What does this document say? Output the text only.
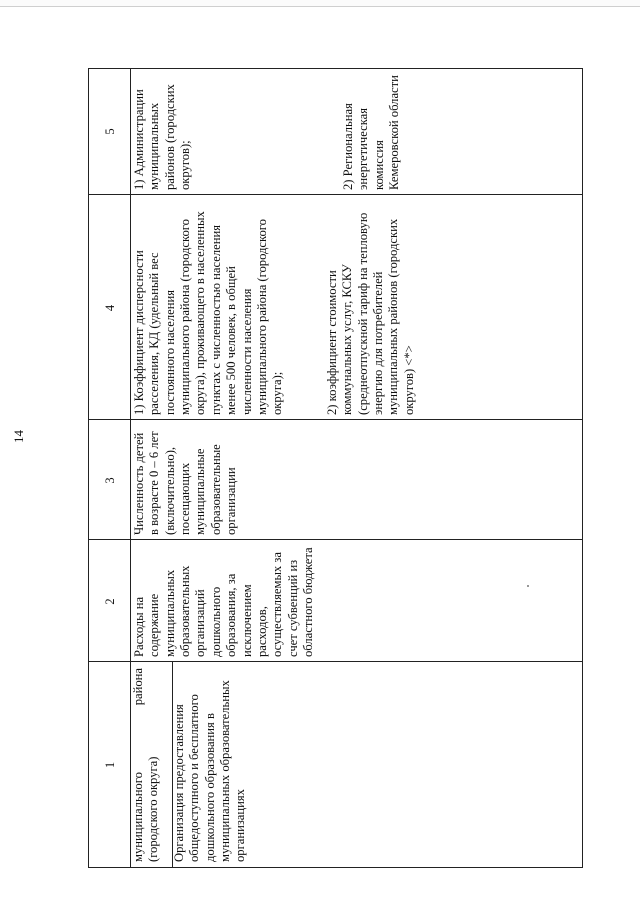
14
1
2
3
4
5
муниципального
района

(городского округа) Организация предоставления общедоступного и бесплатного дошкольного образования в муниципальных образовательных организациях
Расходы на содержание муниципальных образовательных организаций дошкольного образования, за исключением расходов, осуществляемых за счет субвенций из областного бюджета
Численность детей в возрасте 0 – 6 лет (включительно), посещающих муниципальные образовательные организации

1) Коэффициент дисперсности расселения, КД (удельный вес постоянного населения муниципального района (городского округа), проживающего в населенных пунктах с численностью населения менее 500 человек, в общей численности населения муниципального района (городского округа);	2) коэффициент стоимости коммунальных услуг, КСКУ (среднеотпускной тариф на тепловую энергию для потребителей муниципальных районов (городских округов) <*>

1) Администрации муниципальных районов (городских округов);	2) Региональная энергетическая комиссия Кемеровской области
